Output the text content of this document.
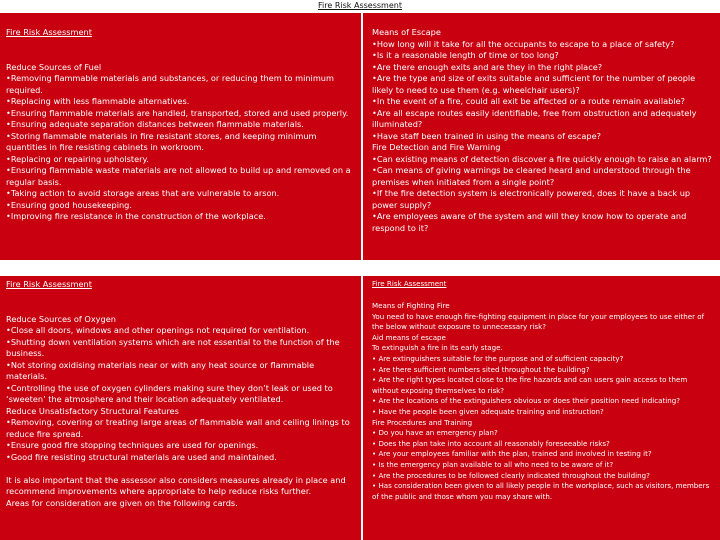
Fire Risk Assessment
Fire Risk Assessment
Reduce Sources of Fuel
•Removing flammable materials and substances, or reducing them to minimum required.
•Replacing with less flammable alternatives.
•Ensuring flammable materials are handled, transported, stored and used properly.
•Ensuring adequate separation distances between flammable materials.
•Storing flammable materials in fire resistant stores, and keeping minimum quantities in fire resisting cabinets in workroom.
•Replacing or repairing upholstery.
•Ensuring flammable waste materials are not allowed to build up and removed on a regular basis.
•Taking action to avoid storage areas that are vulnerable to arson.
•Ensuring good housekeeping.
•Improving fire resistance in the construction of the workplace.
Means of Escape
•How long will it take for all the occupants to escape to a place of safety?
•Is it a reasonable length of time or too long?
•Are there enough exits and are they in the right place?
•Are the type and size of exits suitable and sufficient for the number of people likely to need to use them (e.g. wheelchair users)?
•In the event of a fire, could all exit be affected or a route remain available?
•Are all escape routes easily identifiable, free from obstruction and adequately illuminated?
•Have staff been trained in using the means of escape?
Fire Detection and Fire Warning
•Can existing means of detection discover a fire quickly enough to raise an alarm?
•Can means of giving warnings be cleared heard and understood through the premises when initiated from a single point?
•If the fire detection system is electronically powered, does it have a back up power supply?
•Are employees aware of the system and will they know how to operate and respond to it?
Fire Risk Assessment
Reduce Sources of Oxygen
•Close all doors, windows and other openings not required for ventilation.
•Shutting down ventilation systems which are not essential to the function of the business.
•Not storing oxidising materials near or with any heat source or flammable materials.
•Controlling the use of oxygen cylinders making sure they don’t leak or used to ‘sweeten’ the atmosphere and their location adequately ventilated.
Reduce Unsatisfactory Structural Features
•Removing, covering or treating large areas of flammable wall and ceiling linings to reduce fire spread.
•Ensure good fire stopping techniques are used for openings.
•Good fire resisting structural materials are used and maintained.
It is also important that the assessor also considers measures already in place and recommend improvements where appropriate to help reduce risks further.
Areas for consideration are given on the following cards.
Fire Risk Assessment
Means of Fighting Fire
You need to have enough fire-fighting equipment in place for your employees to use either of the below without exposure to unnecessary risk?
Aid means of escape
To extinguish a fire in its early stage.
• Are extinguishers suitable for the purpose and of sufficient capacity?
• Are there sufficient numbers sited throughout the building?
• Are the right types located close to the fire hazards and can users gain access to them without exposing themselves to risk?
• Are the locations of the extinguishers obvious or does their position need indicating?
• Have the people been given adequate training and instruction?
Fire Procedures and Training
• Do you have an emergency plan?
• Does the plan take into account all reasonably foreseeable risks?
• Are your employees familiar with the plan, trained and involved in testing it?
• Is the emergency plan available to all who need to be aware of it?
• Are the procedures to be followed clearly indicated throughout the building?
• Has consideration been given to all likely people in the workplace, such as visitors, members of the public and those whom you may share with.
